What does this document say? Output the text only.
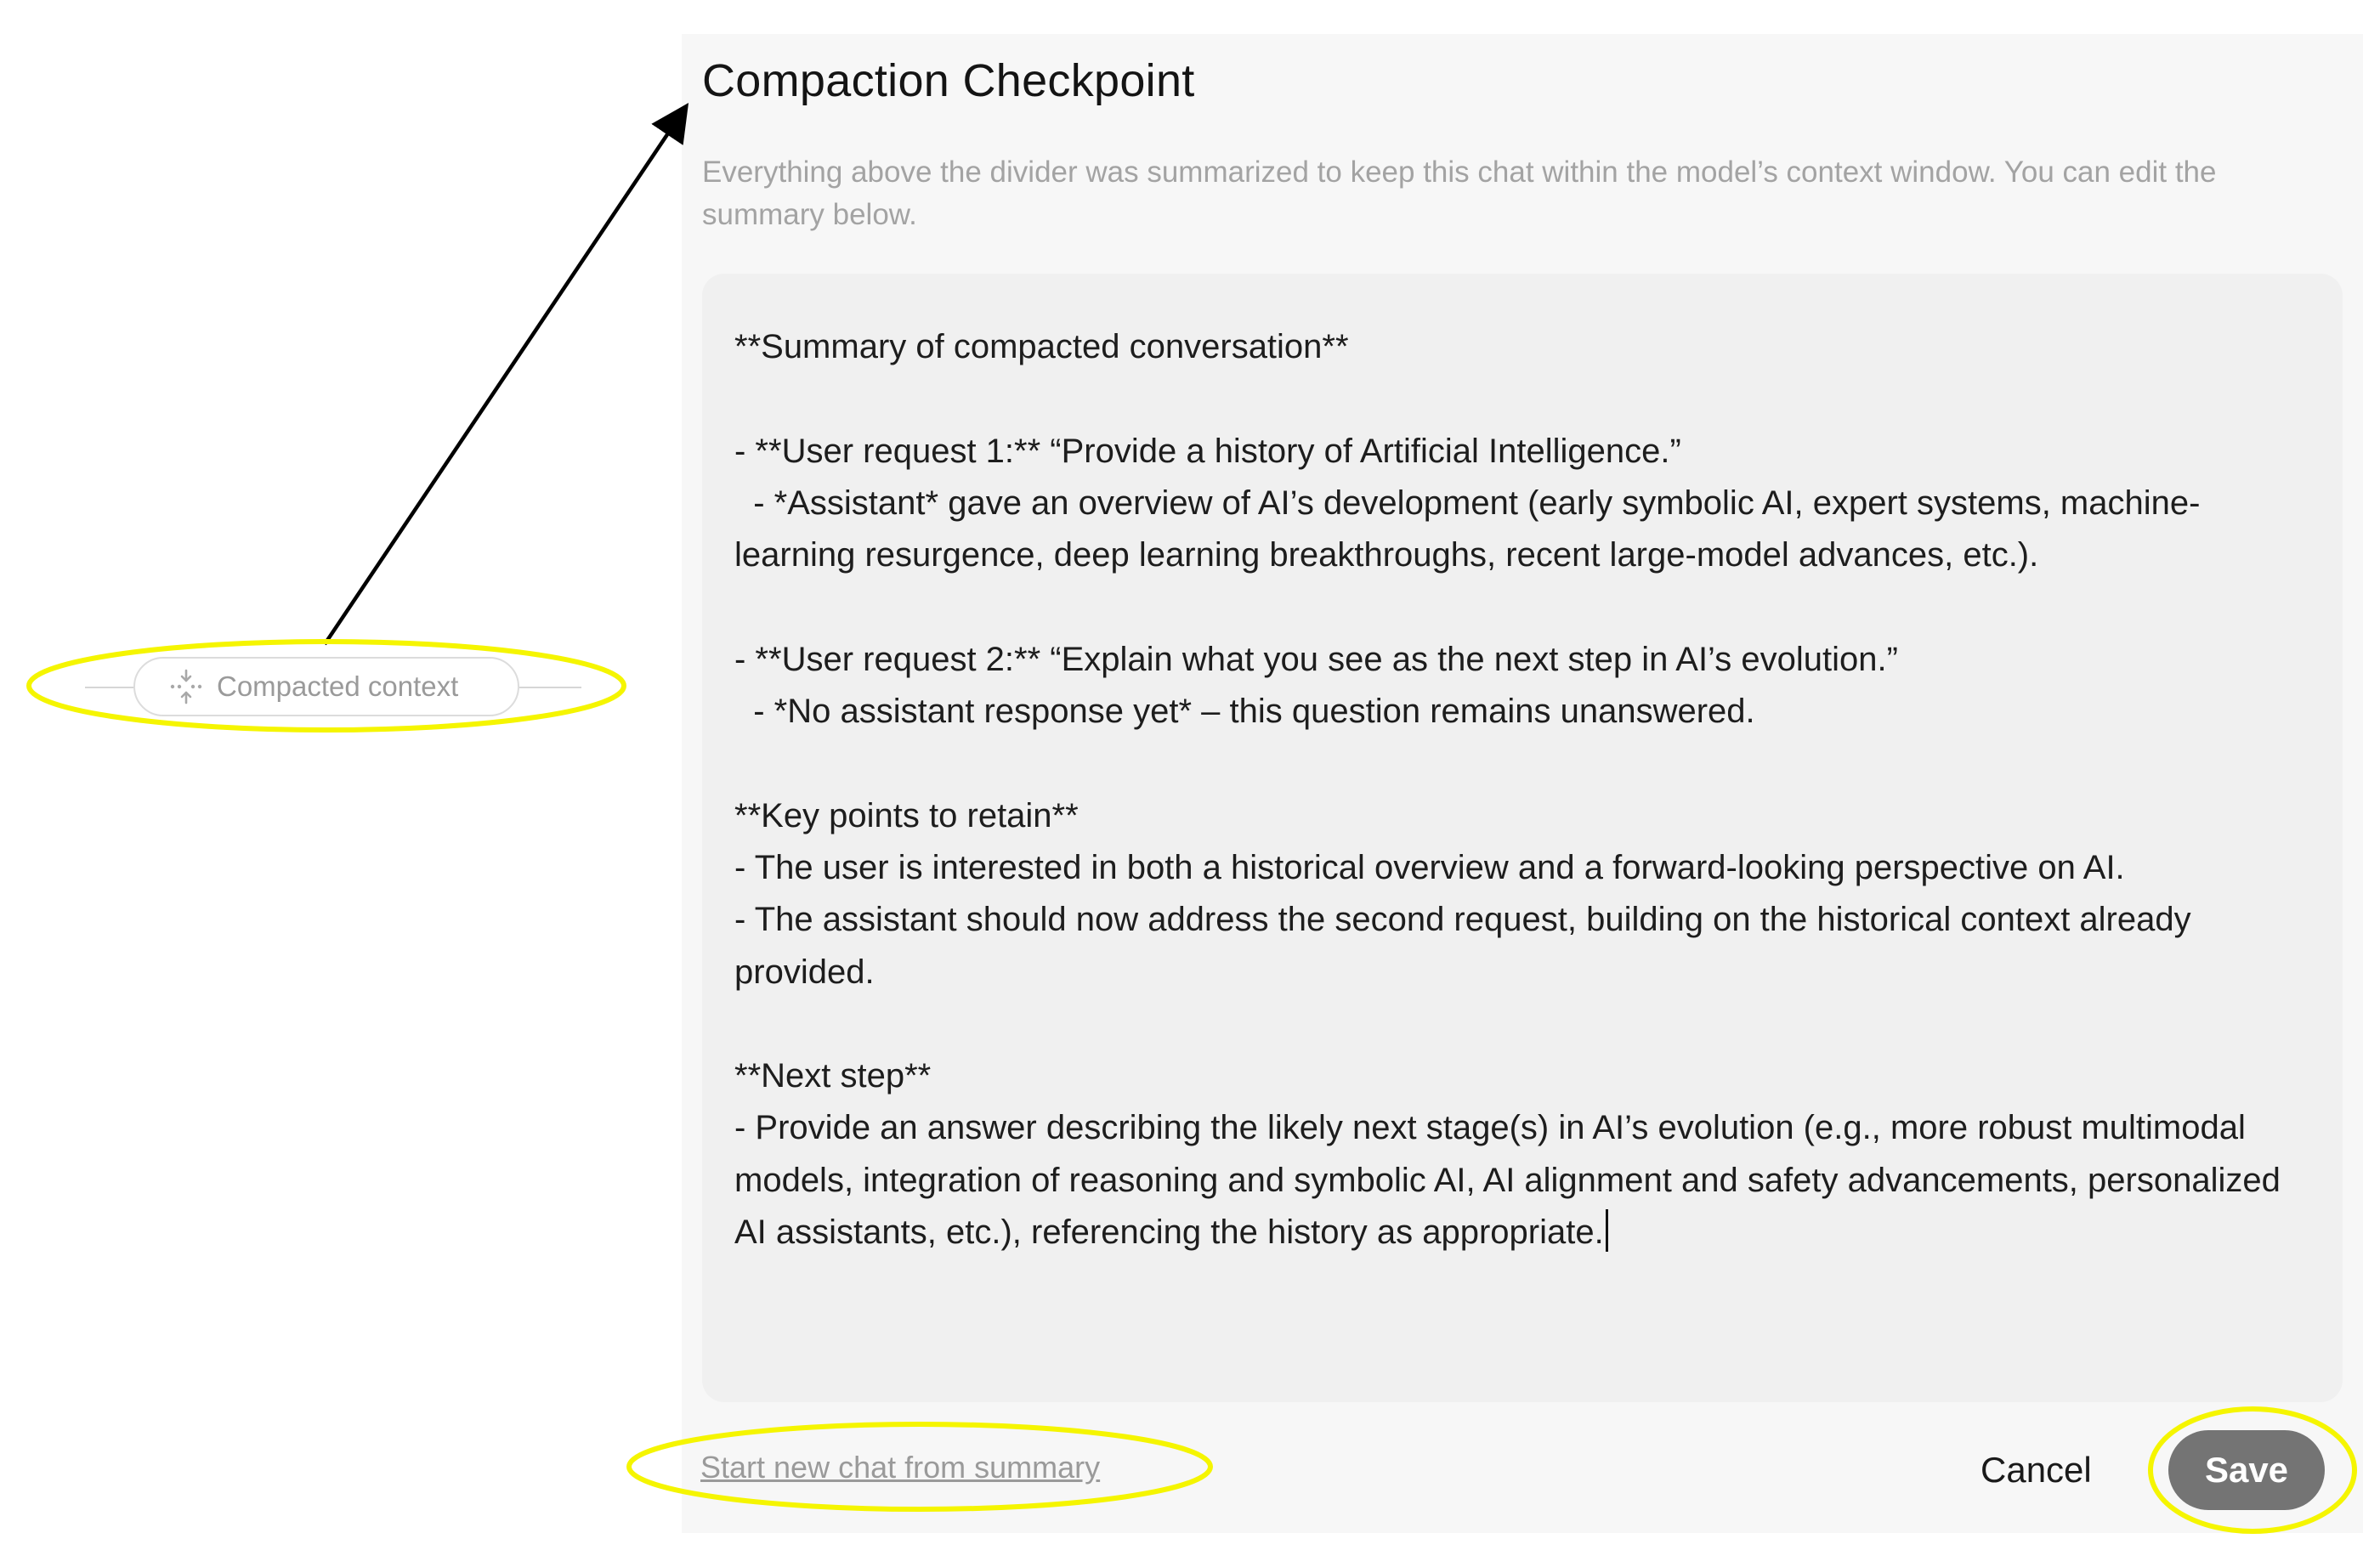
Compacted context
Compaction Checkpoint

Everything above the divider was summarized to keep this chat within the model’s context window. You can edit the summary below.

**Summary of compacted conversation**

- **User request 1:** “Provide a history of Artificial Intelligence.”
- *Assistant* gave an overview of AI’s development (early symbolic AI, expert systems, machine-learning resurgence, deep learning breakthroughs, recent large-model advances, etc.).

- **User request 2:** “Explain what you see as the next step in AI’s evolution.”
- *No assistant response yet* – this question remains unanswered.

**Key points to retain**
- The user is interested in both a historical overview and a forward-looking perspective on AI.
- The assistant should now address the second request, building on the historical context already provided.

**Next step**
- Provide an answer describing the likely next stage(s) in AI’s evolution (e.g., more robust multimodal models, integration of reasoning and symbolic AI, AI alignment and safety advancements, personalized AI assistants, etc.), referencing the history as appropriate.

Start new chat from summary	Cancel	Save
